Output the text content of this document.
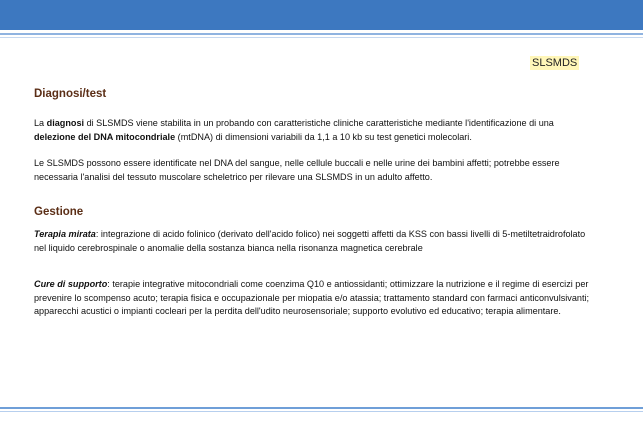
SLSMDS
Diagnosi/test

La diagnosi di SLSMDS viene stabilita in un probando con caratteristiche cliniche caratteristiche mediante l'identificazione di una delezione del DNA mitocondriale (mtDNA) di dimensioni variabili da 1,1 a 10 kb su test genetici molecolari.

Le SLSMDS possono essere identificate nel DNA del sangue, nelle cellule buccali e nelle urine dei bambini affetti; potrebbe essere necessaria l'analisi del tessuto muscolare scheletrico per rilevare una SLSMDS in un adulto affetto.

Gestione

Terapia mirata: integrazione di acido folinico (derivato dell'acido folico) nei soggetti affetti da KSS con bassi livelli di 5-metiltetraidrofolato nel liquido cerebrospinale o anomalie della sostanza bianca nella risonanza magnetica cerebrale

Cure di supporto: terapie integrative mitocondriali come coenzima Q10 e antiossidanti; ottimizzare la nutrizione e il regime di esercizi per prevenire lo scompenso acuto; terapia fisica e occupazionale per miopatia e/o atassia; trattamento standard con farmaci anticonvulsivanti; apparecchi acustici o impianti cocleari per la perdita dell'udito neurosensoriale; supporto evolutivo ed educativo; terapia alimentare.
